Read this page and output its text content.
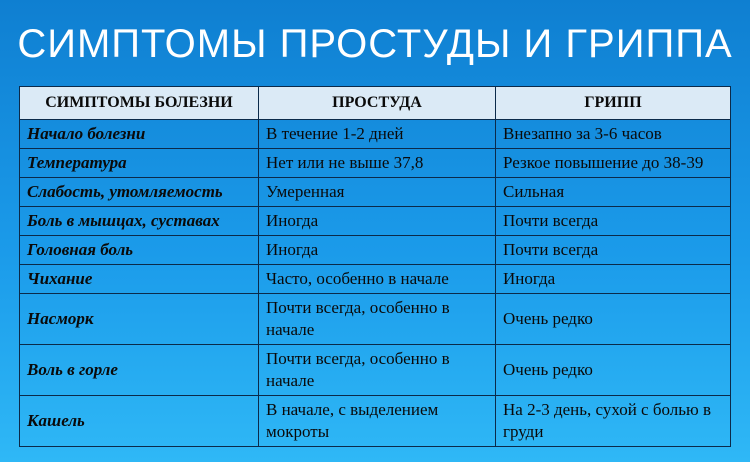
СИМПТОМЫ ПРОСТУДЫ И ГРИППА
СИМПТОМЫ БОЛЕЗНИ	ПРОСТУДА	ГРИПП
Начало болезни	В течение 1-2 дней	Внезапно за 3-6 часов
Температура	Нет или не выше 37,8	Резкое повышение до 38-39
Слабость, утомляемость	Умеренная	Сильная
Боль в мышцах, суставах	Иногда	Почти всегда
Головная боль	Иногда	Почти всегда
Чихание	Часто, особенно в начале	Иногда
Насморк	Почти всегда, особенно в начале	Очень редко
Воль в горле	Почти всегда, особенно в начале	Очень редко
Кашель	В начале, с выделением мокроты	На 2-3 день, сухой с болью в груди
